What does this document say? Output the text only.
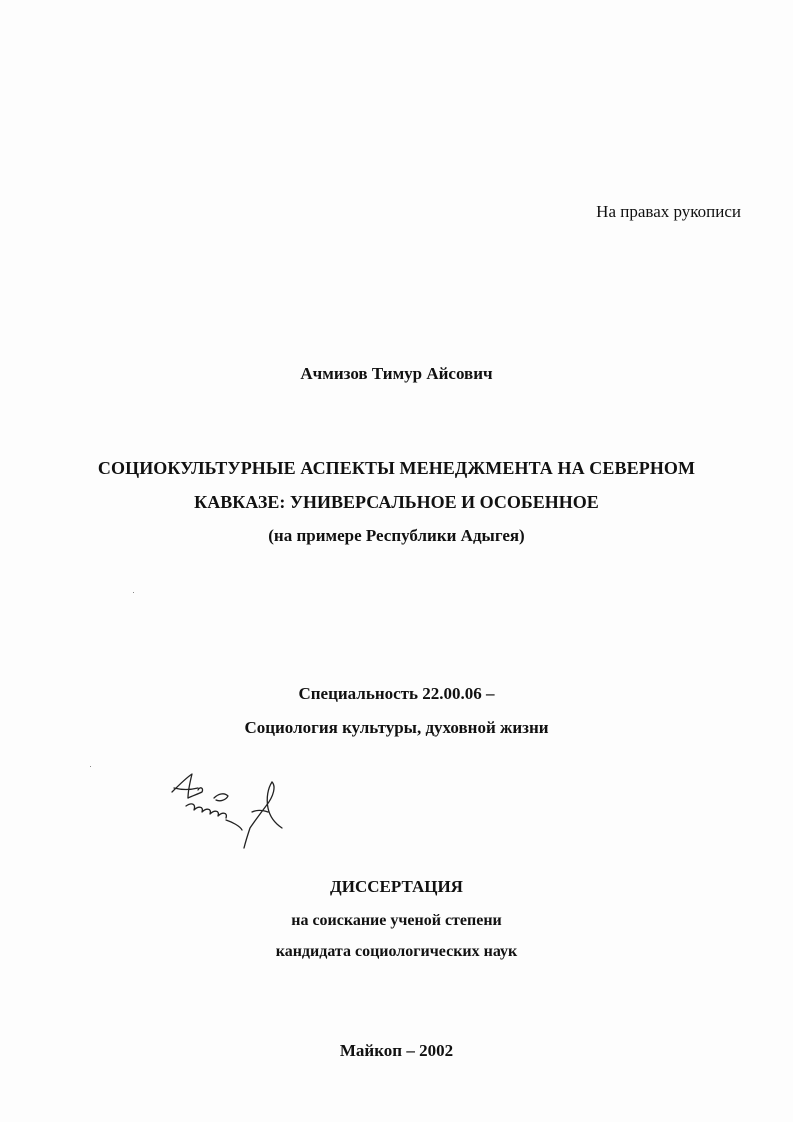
На правах рукописи
Ачмизов Тимур Айсович
СОЦИОКУЛЬТУРНЫЕ АСПЕКТЫ МЕНЕДЖМЕНТА НА СЕВЕРНОМ
КАВКАЗЕ: УНИВЕРСАЛЬНОЕ И ОСОБЕННОЕ
(на примере Республики Адыгея)
Специальность 22.00.06 –
Социология культуры, духовной жизни
ДИССЕРТАЦИЯ
на соискание ученой степени
кандидата социологических наук
Майкоп – 2002
